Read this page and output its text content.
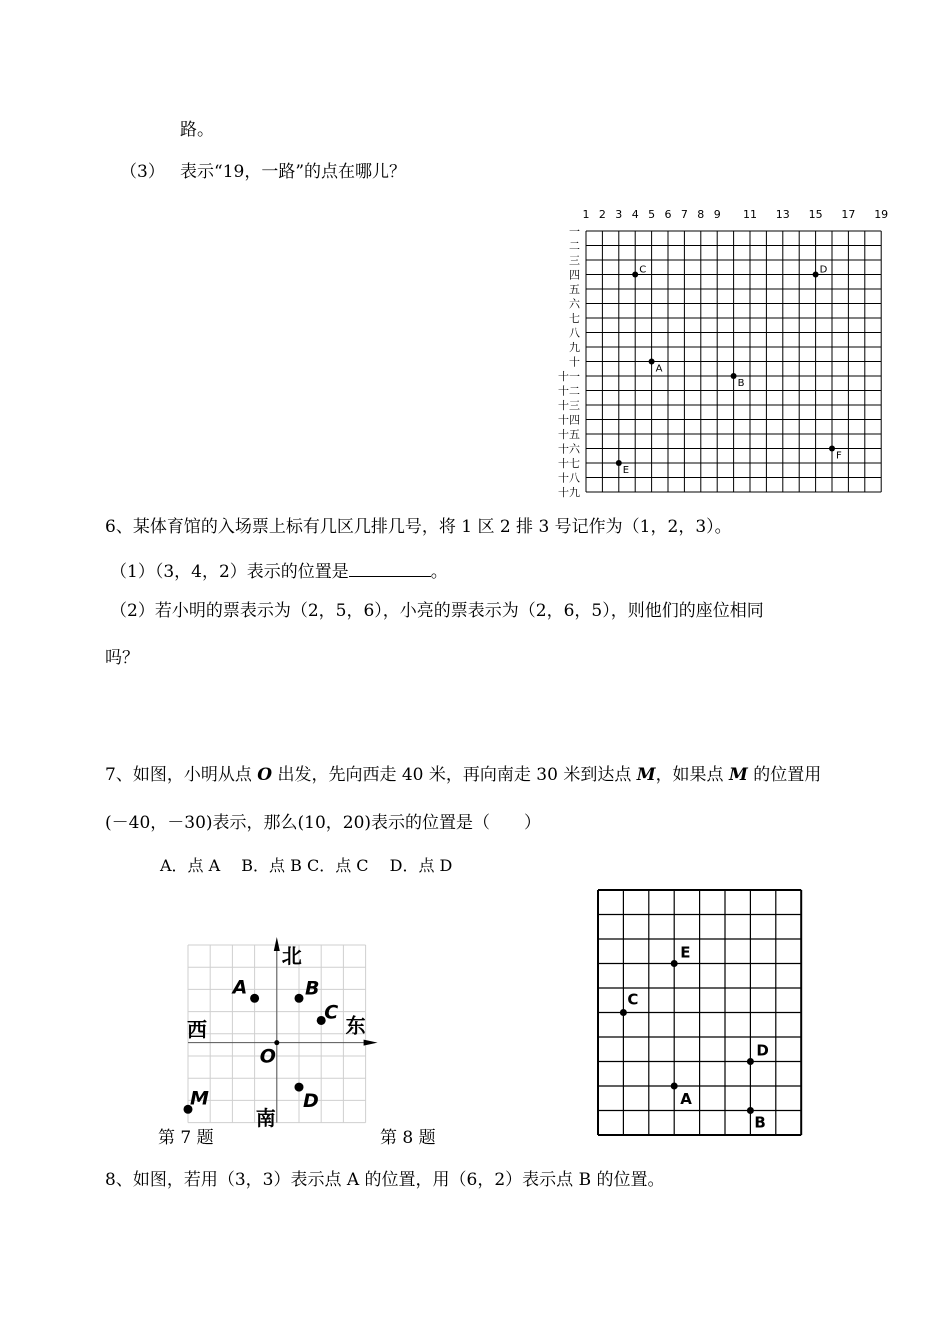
路。
（3） 表示“19，一路”的点在哪儿？
1 2 3 4 5 6 7 8 9 11 13 15 17 19
一
二
三
四
五
六
七
八
九
十
十一
十二
十三
十四
十五
十六
十七
十八
十九
C	D
A
B
E
F
6、某体育馆的入场票上标有几区几排几号，将 1 区 2 排 3 号记作为（1，2，3）。
（1）（3，4，2）表示的位置是	。
（2）若小明的票表示为（2，5，6），小亮的票表示为（2，6，5），则他们的座位相同
吗？
7、如图，小明从点 O 出发，先向西走 40 米，再向南走 30 米到达点 M，如果点 M 的位置用
(－40，－30)表示，那么(10，20)表示的位置是（　　）
A．点 A　 B．点 B C．点 C　 D．点 D
北
南
西	东
O
A	B
C
M	D
E
C
D
A
B
第 7 题	第 8 题
8、如图，若用（3，3）表示点 A 的位置，用（6，2）表示点 B 的位置。
